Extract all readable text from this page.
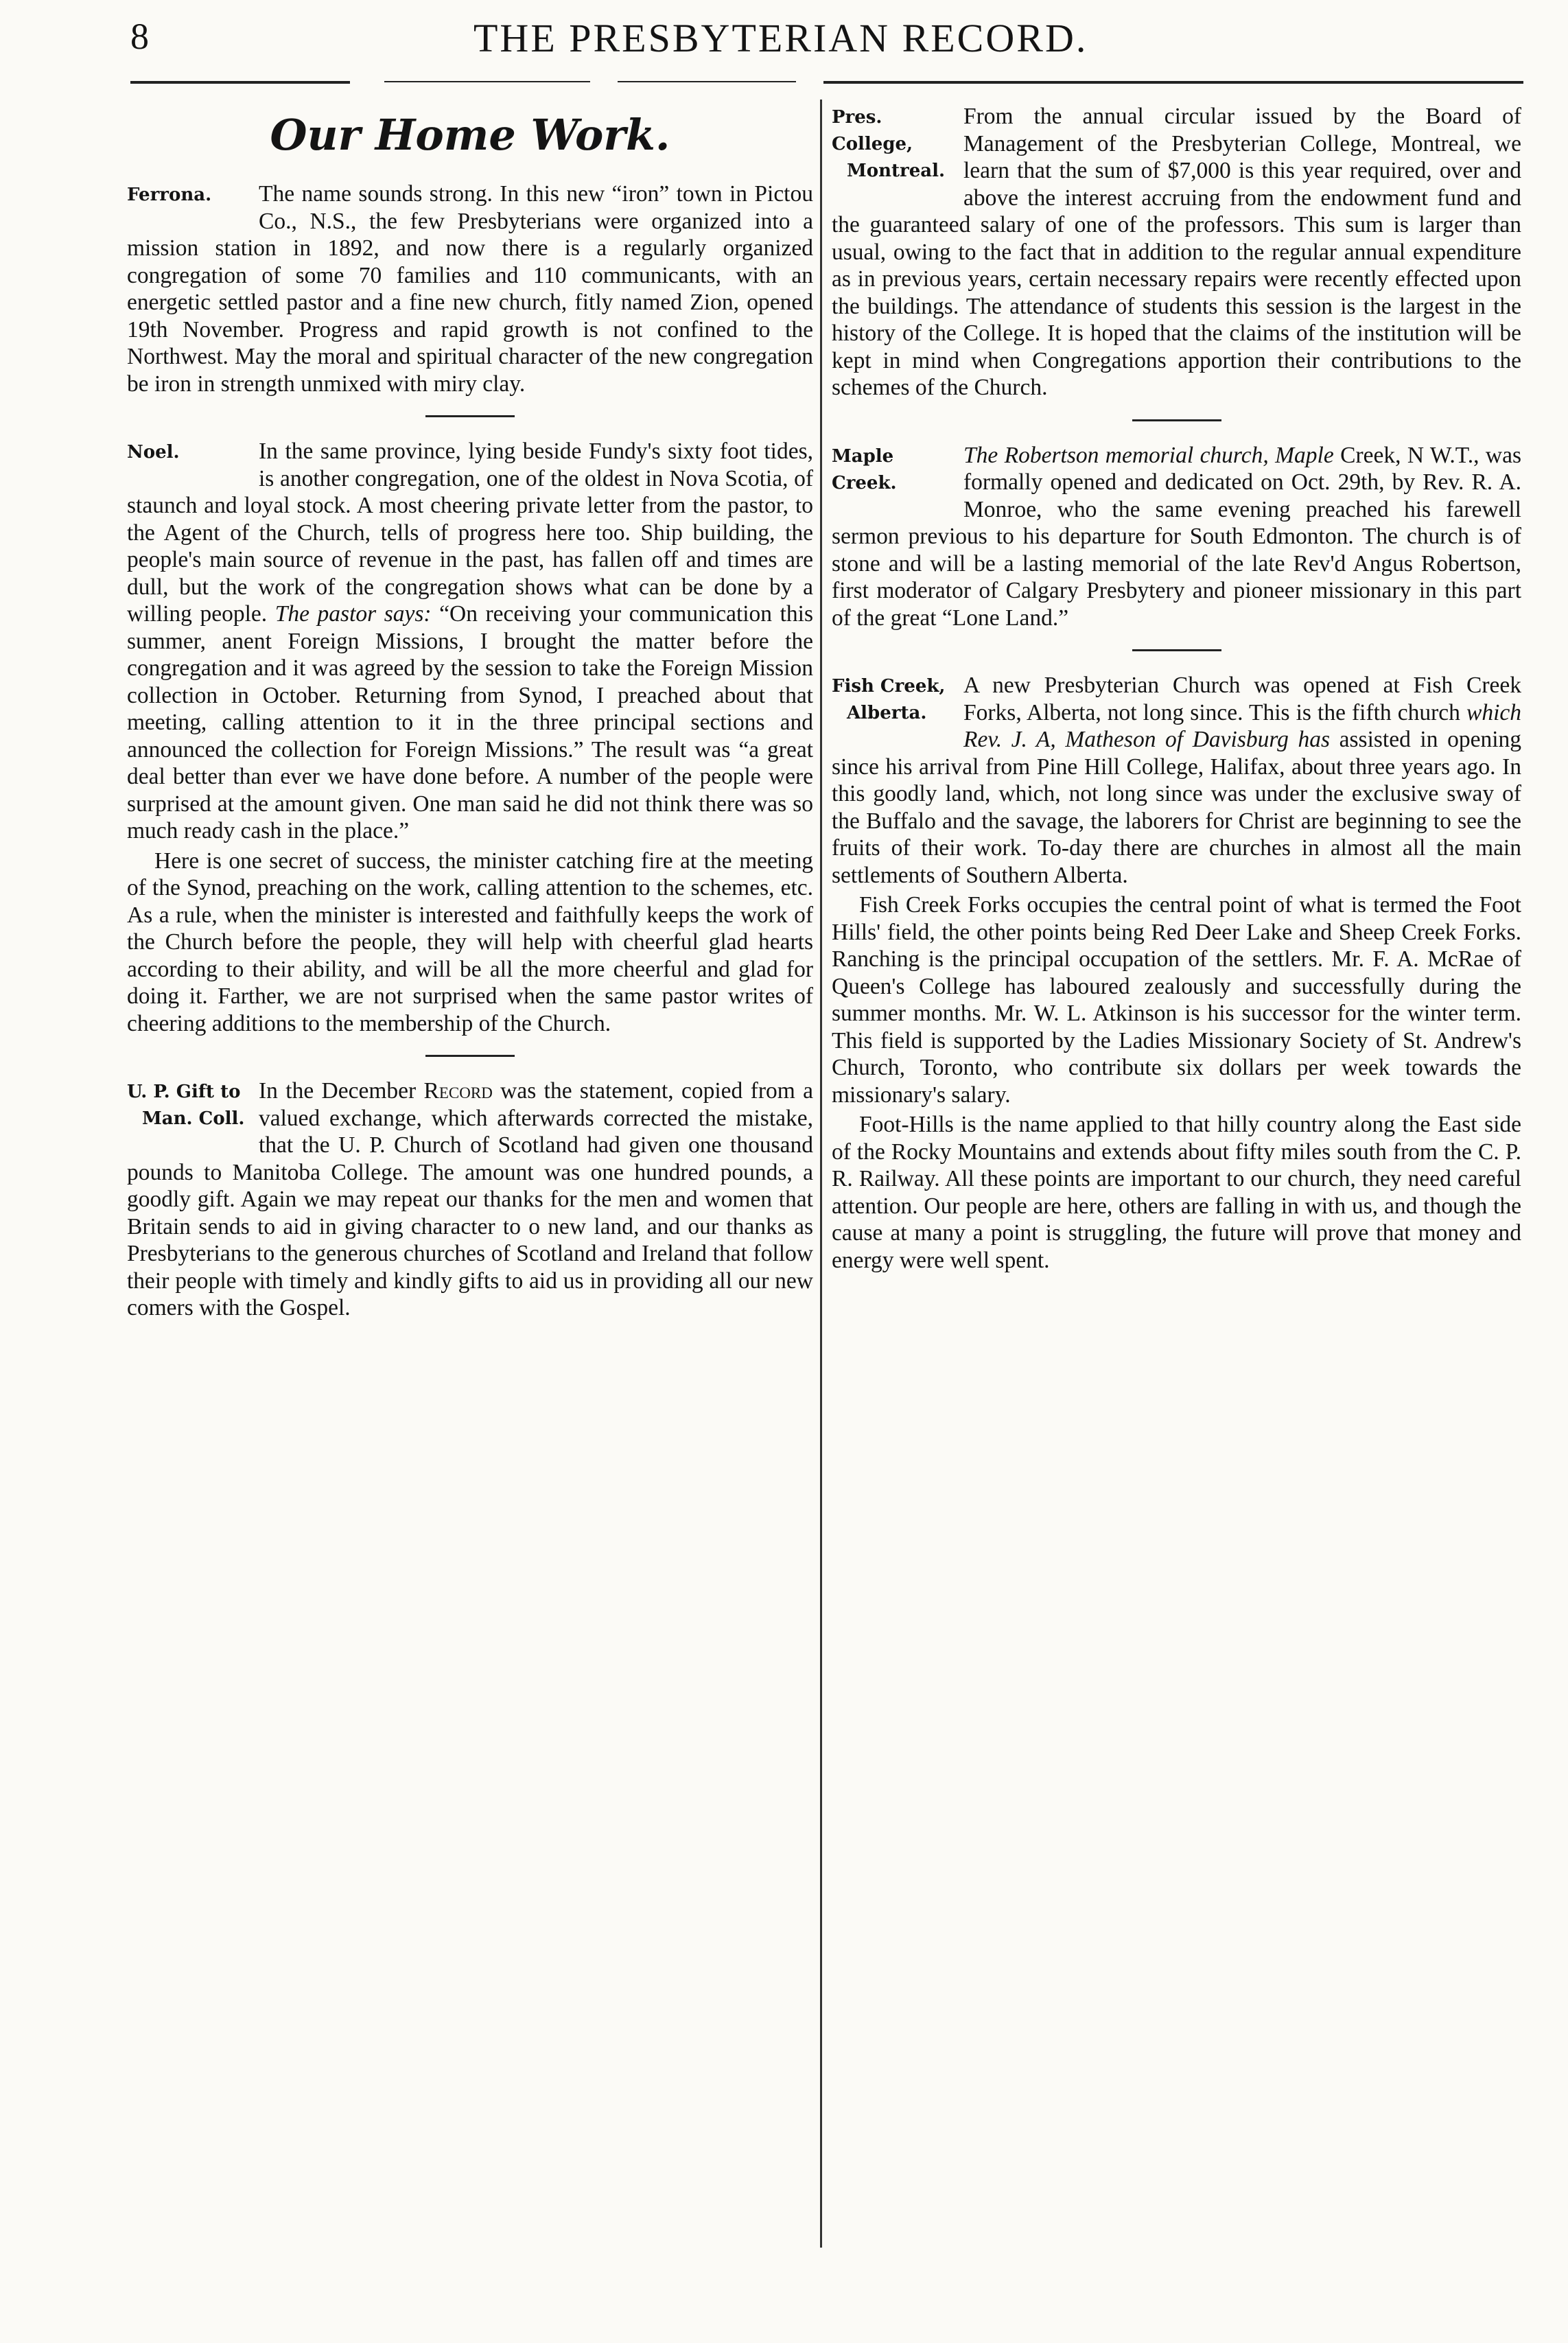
8	THE PRESBYTERIAN RECORD.
Our Home Work.
Ferrona.	The name sounds strong. In this new “iron” town in Pictou Co., N.S., the few Presbyterians were organized into a mission station in 1892, and now there is a regularly organized congregation of some 70 families and 110 communicants, with an energetic settled pastor and a fine new church, fitly named Zion, opened 19th November. Progress and rapid growth is not confined to the Northwest. May the moral and spiritual character of the new congregation be iron in strength unmixed with miry clay.

Noel.	In the same province, lying beside Fundy's sixty foot tides, is another congregation, one of the oldest in Nova Scotia, of staunch and loyal stock. A most cheering private letter from the pastor, to the Agent of the Church, tells of progress here too. Ship building, the people's main source of revenue in the past, has fallen off and times are dull, but the work of the congregation shows what can be done by a willing people. The pastor says: “On receiving your communication this summer, anent Foreign Missions, I brought the matter before the congregation and it was agreed by the session to take the Foreign Mission collection in October. Returning from Synod, I preached about that meeting, calling attention to it in the three principal sections and announced the collection for Foreign Missions.” The result was “a great deal better than ever we have done before. A number of the people were surprised at the amount given. One man said he did not think there was so much ready cash in the place.”

Here is one secret of success, the minister catching fire at the meeting of the Synod, preaching on the work, calling attention to the schemes, etc. As a rule, when the minister is interested and faithfully keeps the work of the Church before the people, they will help with cheerful glad hearts according to their ability, and will be all the more cheerful and glad for doing it. Farther, we are not surprised when the same pastor writes of cheering additions to the membership of the Church.

U. P. Gift to
Man. Coll.

In the December Record was the statement, copied from a valued exchange, which afterwards corrected the mistake, that the U. P. Church of Scotland had given one thousand pounds to Manitoba College. The amount was one hundred pounds, a goodly gift. Again we may repeat our thanks for the men and women that Britain sends to aid in giving character to o new land, and our thanks as Presbyterians to the generous churches of Scotland and Ireland that follow their people with timely and kindly gifts to aid us in providing all our new comers with the Gospel.

Pres. College,
Montreal.

From the annual circular issued by the Board of Management of the Presbyterian College, Montreal, we learn that the sum of $7,000 is this year required, over and above the interest accruing from the endowment fund and the guaranteed salary of one of the professors. This sum is larger than usual, owing to the fact that in addition to the regular annual expenditure as in previous years, certain necessary repairs were recently effected upon the buildings. The attendance of students this session is the largest in the history of the College. It is hoped that the claims of the institution will be kept in mind when Congregations apportion their contributions to the schemes of the Church.

Maple
Creek.

The Robertson memorial church, Maple Creek, N W.T., was formally opened and dedicated on Oct. 29th, by Rev. R. A. Monroe, who the same evening preached his farewell sermon previous to his departure for South Edmonton. The church is of stone and will be a lasting memorial of the late Rev'd Angus Robertson, first moderator of Calgary Presbytery and pioneer missionary in this part of the great “Lone Land.”

Fish Creek,
Alberta.

A new Presbyterian Church was opened at Fish Creek Forks, Alberta, not long since. This is the fifth church which Rev. J. A, Matheson of Davisburg has assisted in opening since his arrival from Pine Hill College, Halifax, about three years ago. In this goodly land, which, not long since was under the exclusive sway of the Buffalo and the savage, the laborers for Christ are beginning to see the fruits of their work. To-day there are churches in almost all the main settlements of Southern Alberta.

Fish Creek Forks occupies the central point of what is termed the Foot Hills' field, the other points being Red Deer Lake and Sheep Creek Forks. Ranching is the principal occupation of the settlers. Mr. F. A. McRae of Queen's College has laboured zealously and successfully during the summer months. Mr. W. L. Atkinson is his successor for the winter term. This field is supported by the Ladies Missionary Society of St. Andrew's Church, Toronto, who contribute six dollars per week towards the missionary's salary.

Foot-Hills is the name applied to that hilly country along the East side of the Rocky Mountains and extends about fifty miles south from the C. P. R. Railway. All these points are important to our church, they need careful attention. Our people are here, others are falling in with us, and though the cause at many a point is struggling, the future will prove that money and energy were well spent.
